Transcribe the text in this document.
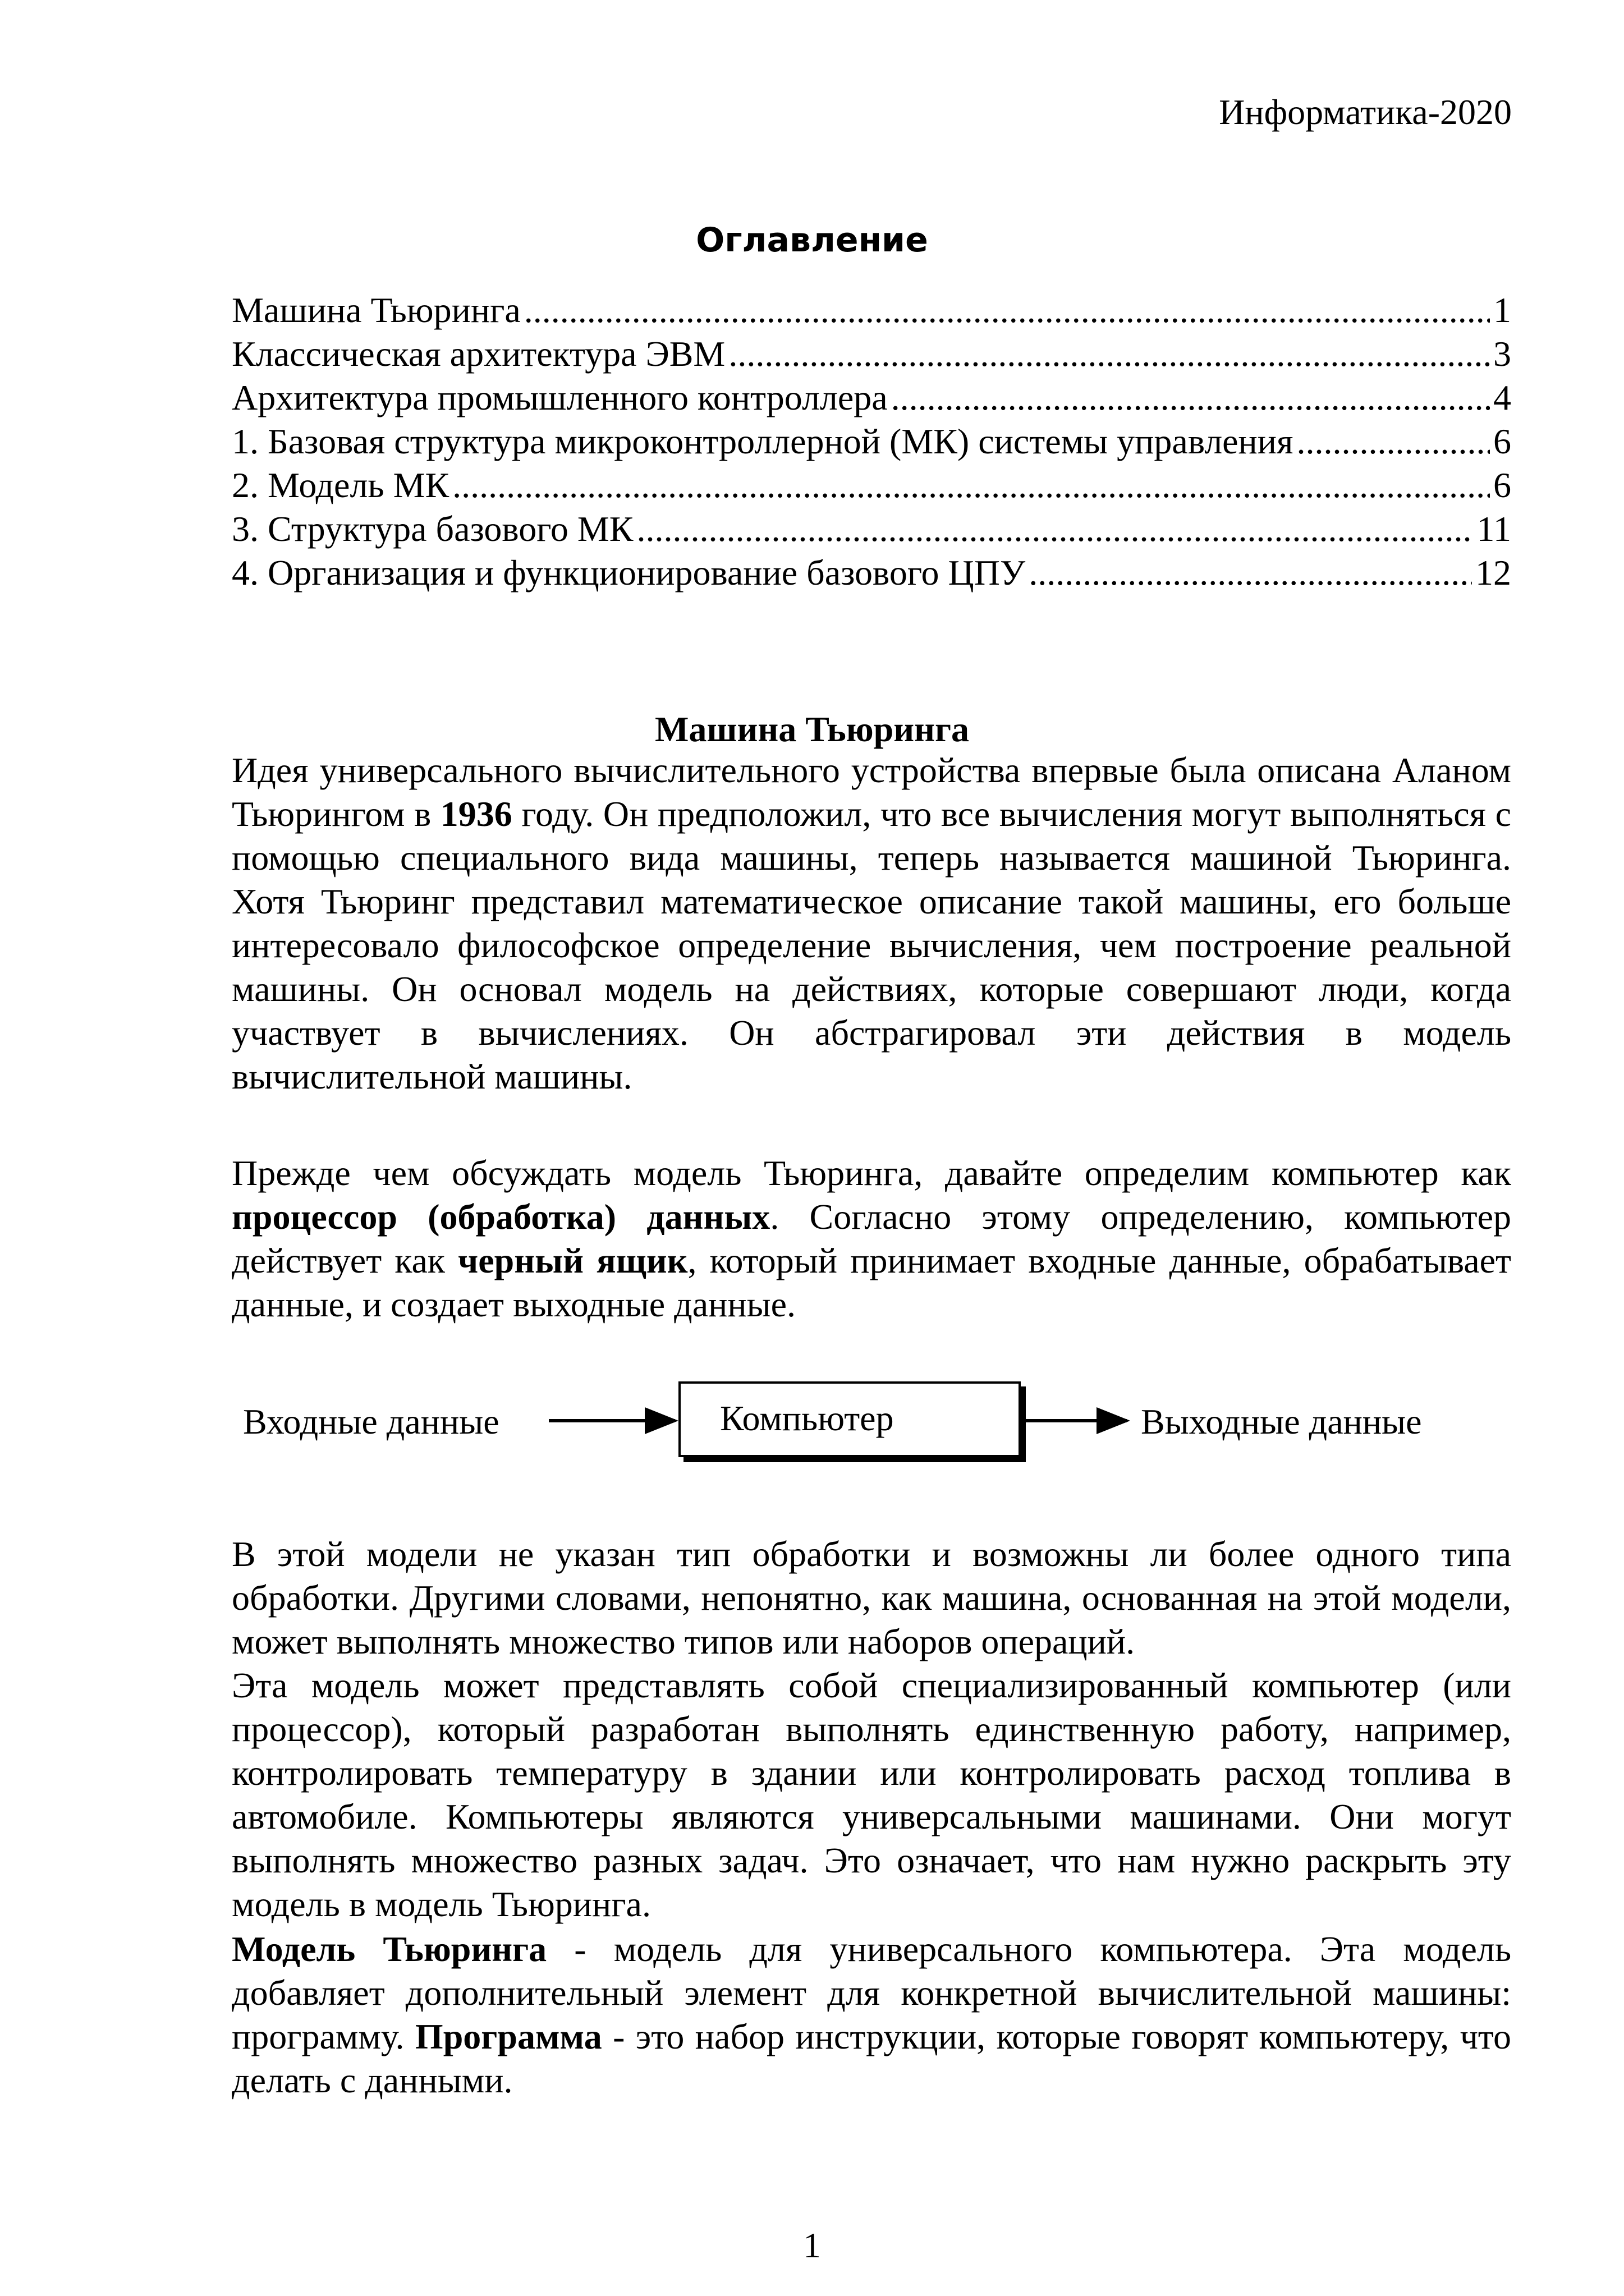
Информатика-2020
Оглавление
Машина Тьюринга .....	1
Классическая архитектура ЭВМ .....	3
Архитектура промышленного контроллера .....	4
1. Базовая структура микроконтроллерной (МК) системы управления .....	6
2. Модель МК .....	6
3. Структура базового МК .....	11
4. Организация и функционирование базового ЦПУ .....	12
Машина Тьюринга

Идея универсального вычислительного устройства впервые была описана Аланом Тьюрингом в 1936 году. Он предположил, что все вычисления могут выполняться с помощью специального вида машины, теперь называется машиной Тьюринга. Хотя Тьюринг представил математическое описание такой машины, его больше интересовало философское определение вычисления, чем построение реальной машины. Он основал модель на действиях, которые совершают люди, когда участвует в вычислениях. Он абстрагировал эти действия в модель вычислительной машины.

Прежде чем обсуждать модель Тьюринга, давайте определим компьютер как процессор (обработка) данных. Согласно этому определению, компьютер действует как черный ящик, который принимает входные данные, обрабатывает данные, и создает выходные данные.

Входные данные	Компьютер	Выходные данные

В этой модели не указан тип обработки и возможны ли более одного типа обработки. Другими словами, непонятно, как машина, основанная на этой модели, может выполнять множество типов или наборов операций.

Эта модель может представлять собой специализированный компьютер (или процессор), который разработан выполнять единственную работу, например, контролировать температуру в здании или контролировать расход топлива в автомобиле. Компьютеры являются универсальными машинами. Они могут выполнять множество разных задач. Это означает, что нам нужно раскрыть эту модель в модель Тьюринга.

Модель Тьюринга - модель для универсального компьютера. Эта модель добавляет дополнительный элемент для конкретной вычислительной машины: программу. Программа - это набор инструкции, которые говорят компьютеру, что делать с данными.

1
